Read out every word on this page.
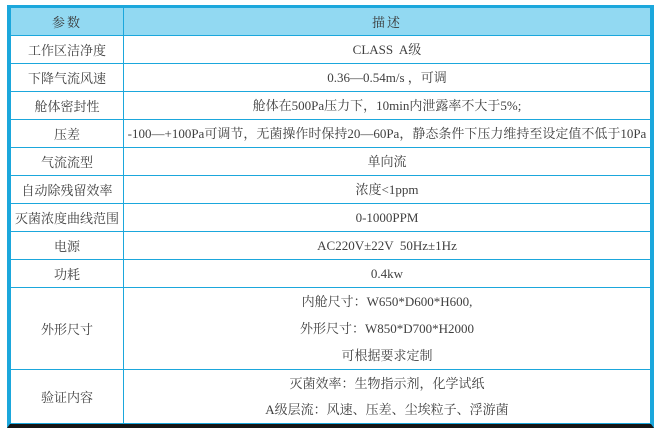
参数	描述
工作区洁净度	CLASS  A级

下降气流风速	0.36—0.54m/s ，可调

舱体密封性	舱体在500Pa压力下，10min内泄露率不大于5%;

压差	-100—+100Pa可调节，无菌操作时保持20—60Pa，静态条件下压力维持至设定值不低于10Pa

气流流型	单向流

自动除残留效率	浓度<1ppm

灭菌浓度曲线范围	0-1000PPM

电源	AC220V±22V  50Hz±1Hz

功耗	0.4kw

外形尺寸	内舱尺寸：W650*D600*H600,
外形尺寸：W850*D700*H2000
可根据要求定制

验证内容	灭菌效率：生物指示剂，化学试纸
A级层流：风速、压差、尘埃粒子、浮游菌
